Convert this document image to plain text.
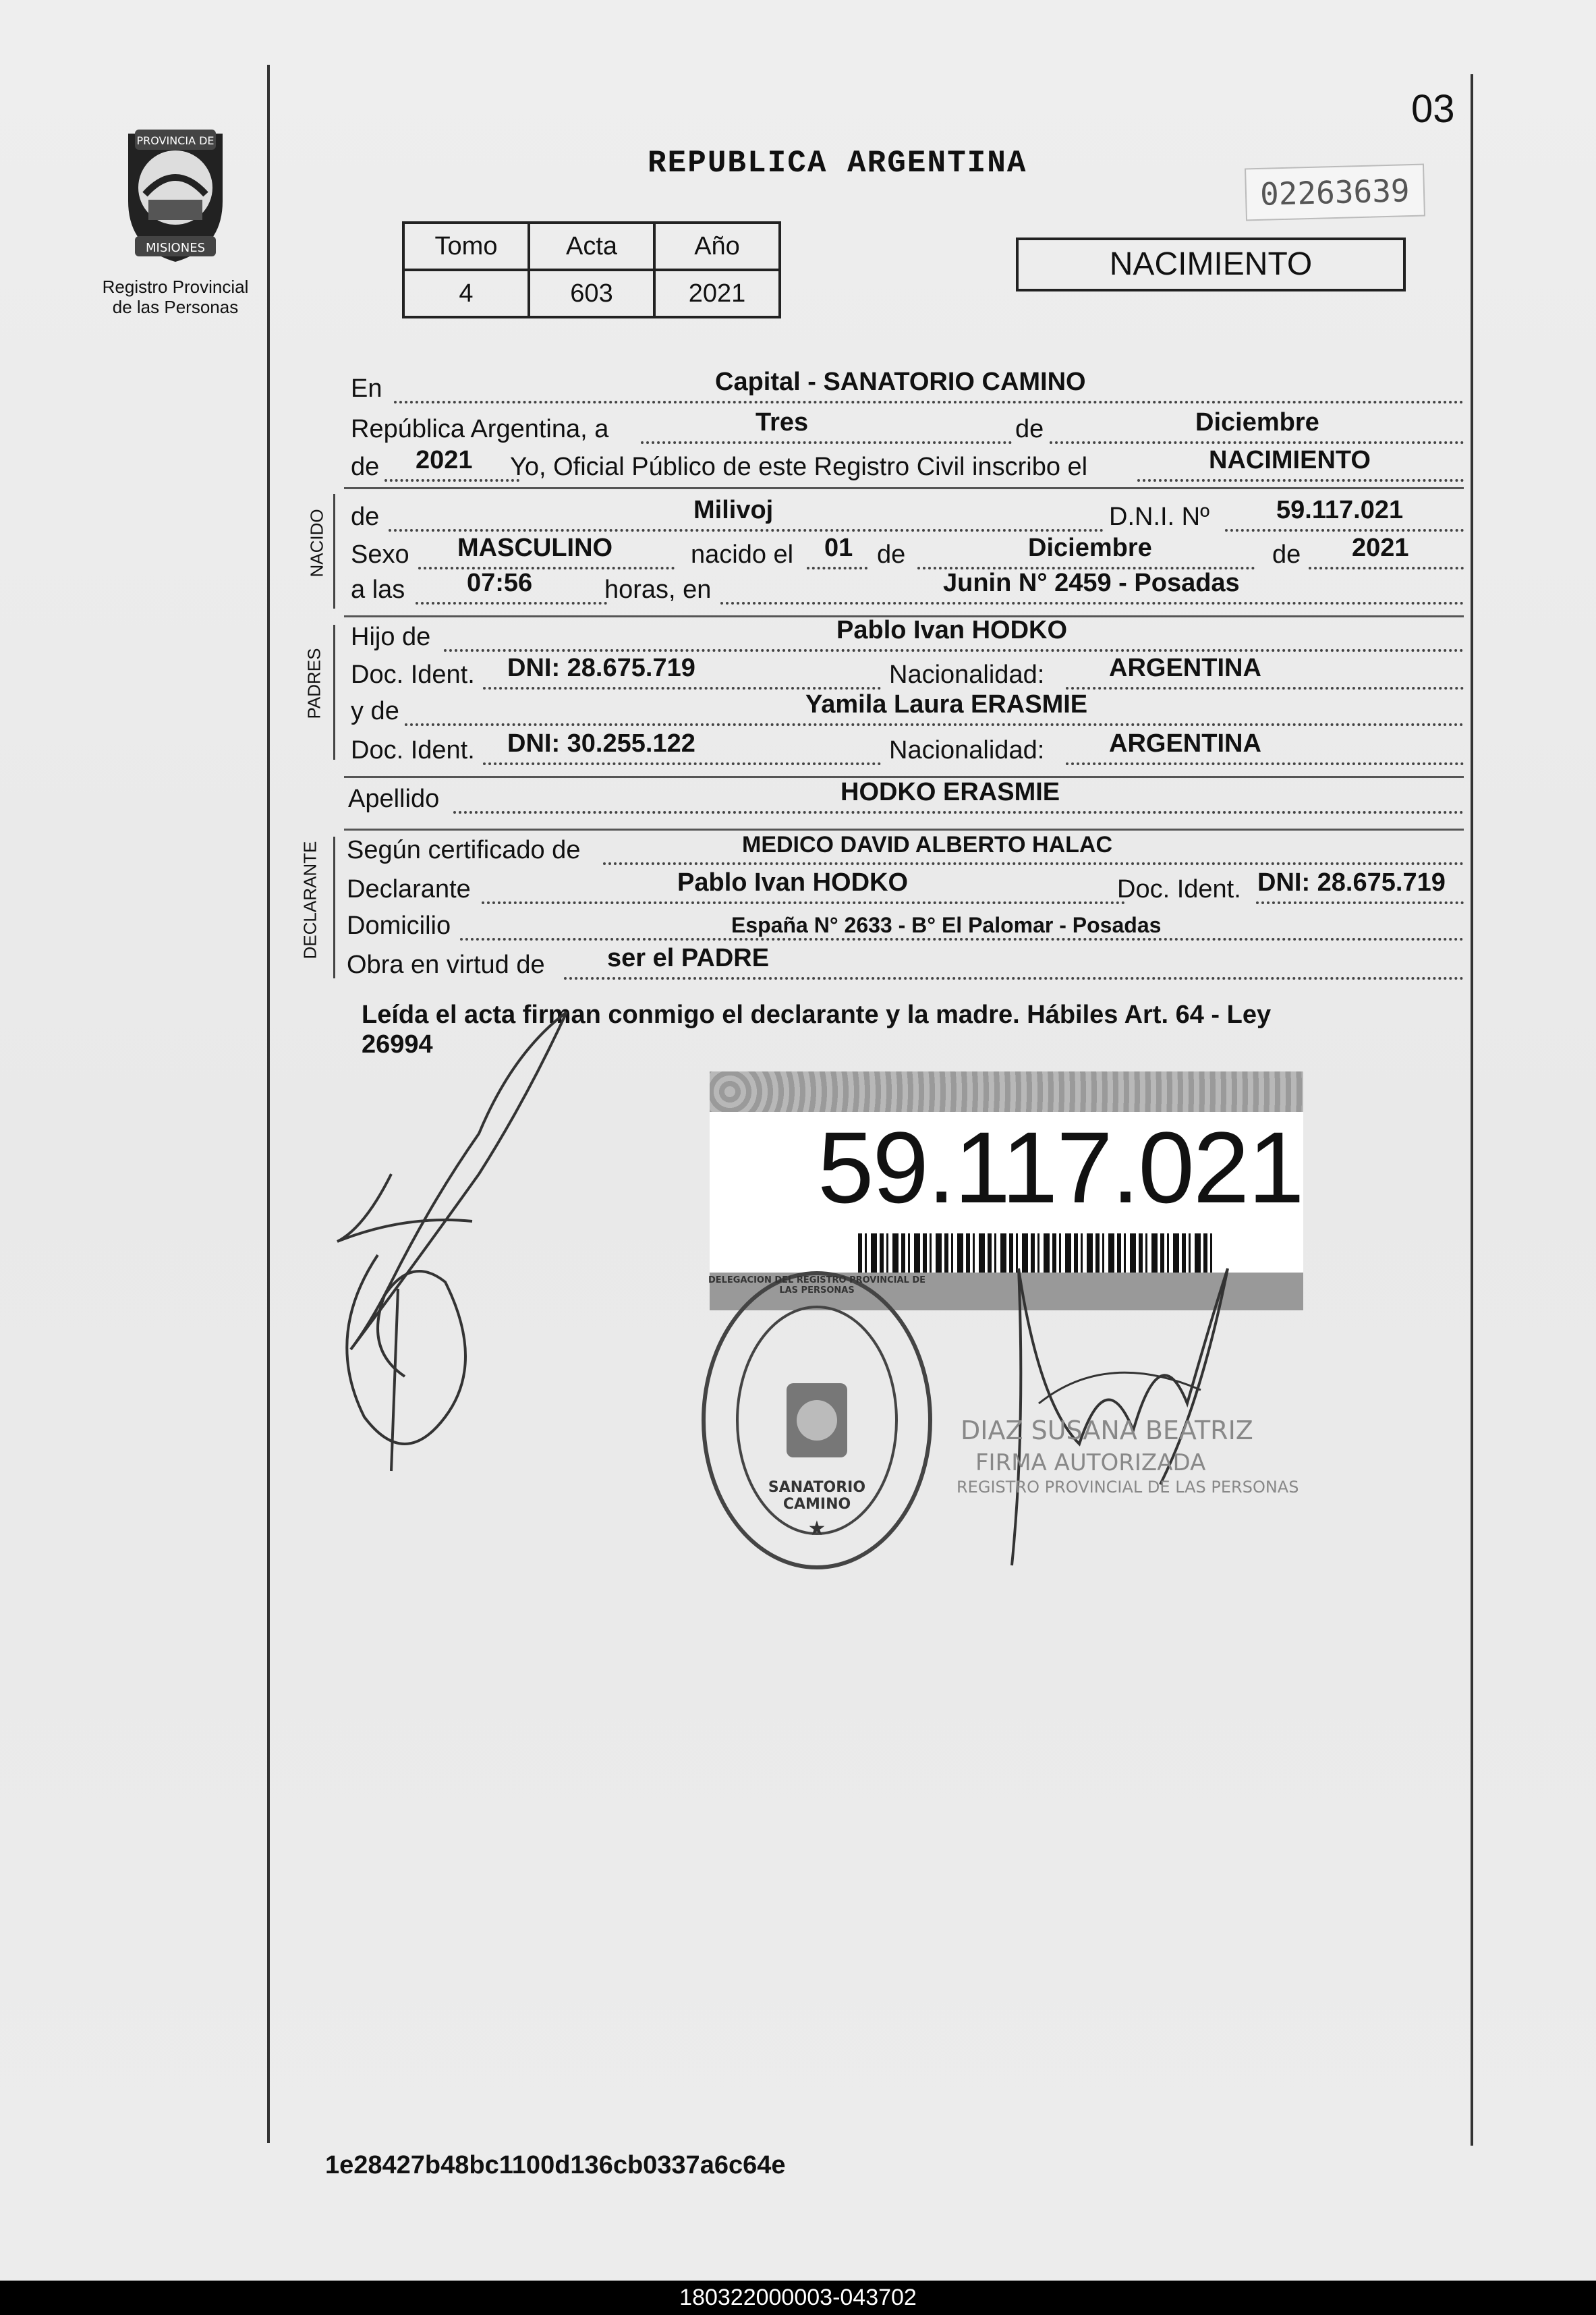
PROVINCIA DE
MISIONES
Registro Provincial
de las Personas
03
REPUBLICA ARGENTINA
02263639
Tomo	Acta	Año
4	603	2021
NACIMIENTO
En	Capital - SANATORIO CAMINO
República Argentina, a	Tres	de	Diciembre
de 2021 Yo, Oficial Público de este Registro Civil inscribo el	NACIMIENTO
NACIDO de	Milivoj	D.N.I. Nº	59.117.021
Sexo MASCULINO	nacido el 01 de	Diciembre	de 2021
a las 07:56	horas, en	Junin N° 2459 - Posadas
PADRES
Hijo de	Pablo Ivan HODKO
Doc. Ident. DNI: 28.675.719	Nacionalidad:	ARGENTINA
y de	Yamila Laura ERASMIE
Doc. Ident. DNI: 30.255.122	Nacionalidad:	ARGENTINA
Apellido	HODKO ERASMIE
DECLARANTE Según certificado de	MEDICO DAVID ALBERTO HALAC
Declarante	Pablo Ivan HODKO	Doc. Ident. DNI: 28.675.719
Domicilio	España N° 2633 - B° El Palomar - Posadas
Obra en virtud de ser el PADRE
Leída el acta firman conmigo el declarante y la madre. Hábiles Art. 64 - Ley
26994
59.117.021
★
DELEGACION DEL REGISTRO PROVINCIAL DE LAS PERSONAS
SANATORIO CAMINO
DIAZ SUSANA BEATRIZ
FIRMA AUTORIZADA
REGISTRO PROVINCIAL DE LAS PERSONAS
1e28427b48bc1100d136cb0337a6c64e
180322000003-043702
